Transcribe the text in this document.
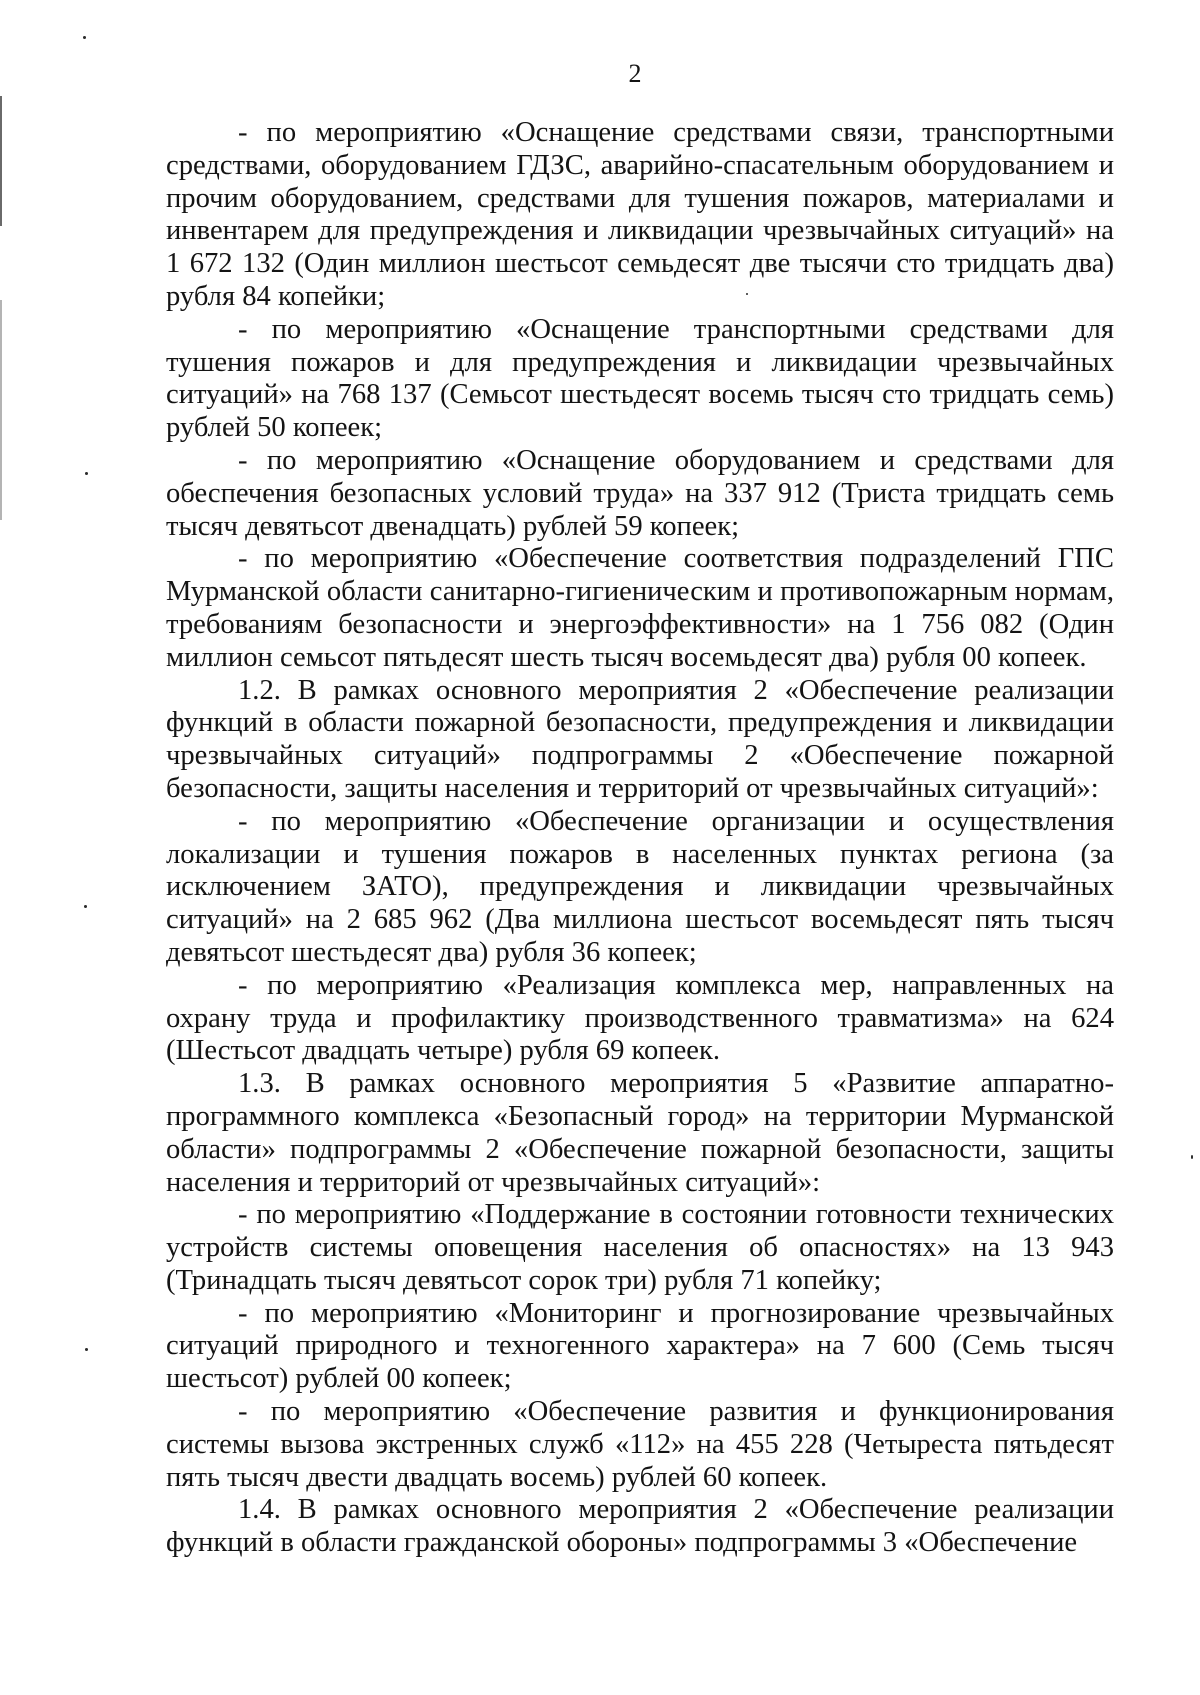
2

- по мероприятию «Оснащение средствами связи, транспортными средствами, оборудованием ГДЗС, аварийно-спасательным оборудованием и прочим оборудованием, средствами для тушения пожаров, материалами и инвентарем для предупреждения и ликвидации чрезвычайных ситуаций» на 1 672 132 (Один миллион шестьсот семьдесят две тысячи сто тридцать два) рубля 84 копейки;

- по мероприятию «Оснащение транспортными средствами для тушения пожаров и для предупреждения и ликвидации чрезвычайных ситуаций» на 768 137 (Семьсот шестьдесят восемь тысяч сто тридцать семь) рублей 50 копеек;

- по мероприятию «Оснащение оборудованием и средствами для обеспечения безопасных условий труда» на 337 912 (Триста тридцать семь тысяч девятьсот двенадцать) рублей 59 копеек;

- по мероприятию «Обеспечение соответствия подразделений ГПС Мурманской области санитарно-гигиеническим и противопожарным нормам, требованиям безопасности и энергоэффективности» на 1 756 082 (Один миллион семьсот пятьдесят шесть тысяч восемьдесят два) рубля 00 копеек.

1.2. В рамках основного мероприятия 2 «Обеспечение реализации функций в области пожарной безопасности, предупреждения и ликвидации чрезвычайных ситуаций» подпрограммы 2 «Обеспечение пожарной безопасности, защиты населения и территорий от чрезвычайных ситуаций»:

- по мероприятию «Обеспечение организации и осуществления локализации и тушения пожаров в населенных пунктах региона (за исключением ЗАТО), предупреждения и ликвидации чрезвычайных ситуаций» на 2 685 962 (Два миллиона шестьсот восемьдесят пять тысяч девятьсот шестьдесят два) рубля 36 копеек;

- по мероприятию «Реализация комплекса мер, направленных на охрану труда и профилактику производственного травматизма» на 624 (Шестьсот двадцать четыре) рубля 69 копеек.

1.3. В рамках основного мероприятия 5 «Развитие аппаратно-программного комплекса «Безопасный город» на территории Мурманской области» подпрограммы 2 «Обеспечение пожарной безопасности, защиты населения и территорий от чрезвычайных ситуаций»:

- по мероприятию «Поддержание в состоянии готовности технических устройств системы оповещения населения об опасностях» на 13 943 (Тринадцать тысяч девятьсот сорок три) рубля 71 копейку;

- по мероприятию «Мониторинг и прогнозирование чрезвычайных ситуаций природного и техногенного характера» на 7 600 (Семь тысяч шестьсот) рублей 00 копеек;

- по мероприятию «Обеспечение развития и функционирования системы вызова экстренных служб «112» на 455 228 (Четыреста пятьдесят пять тысяч двести двадцать восемь) рублей 60 копеек.

1.4. В рамках основного мероприятия 2 «Обеспечение реализации функций в области гражданской обороны» подпрограммы 3 «Обеспечение
